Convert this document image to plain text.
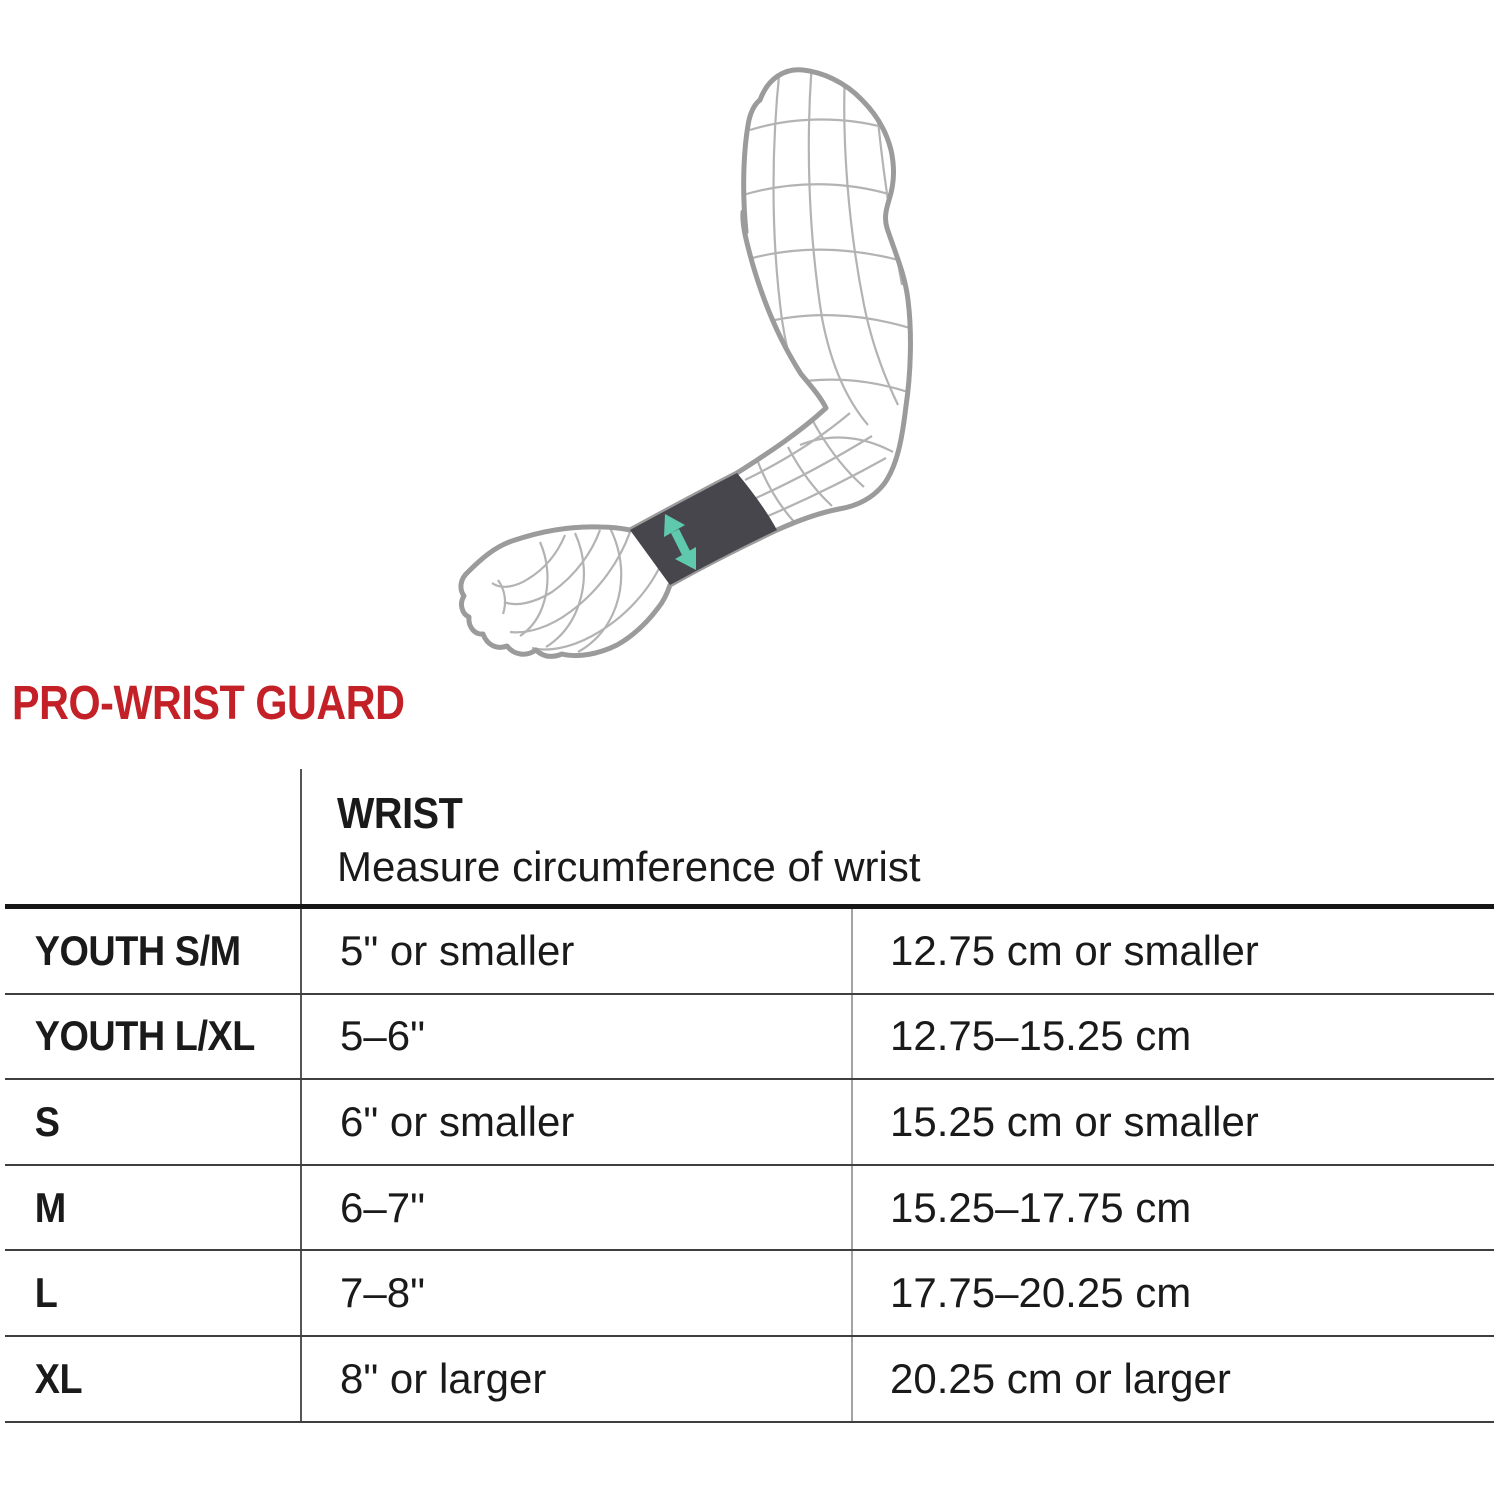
PRO-WRIST GUARD
WRIST
Measure circumference of wrist
YOUTH S/M	5" or smaller	12.75 cm or smaller
YOUTH L/XL	5–6"	12.75–15.25 cm
S	6" or smaller	15.25 cm or smaller
M	6–7"	15.25–17.75 cm
L	7–8"	17.75–20.25 cm
XL	8" or larger	20.25 cm or larger
